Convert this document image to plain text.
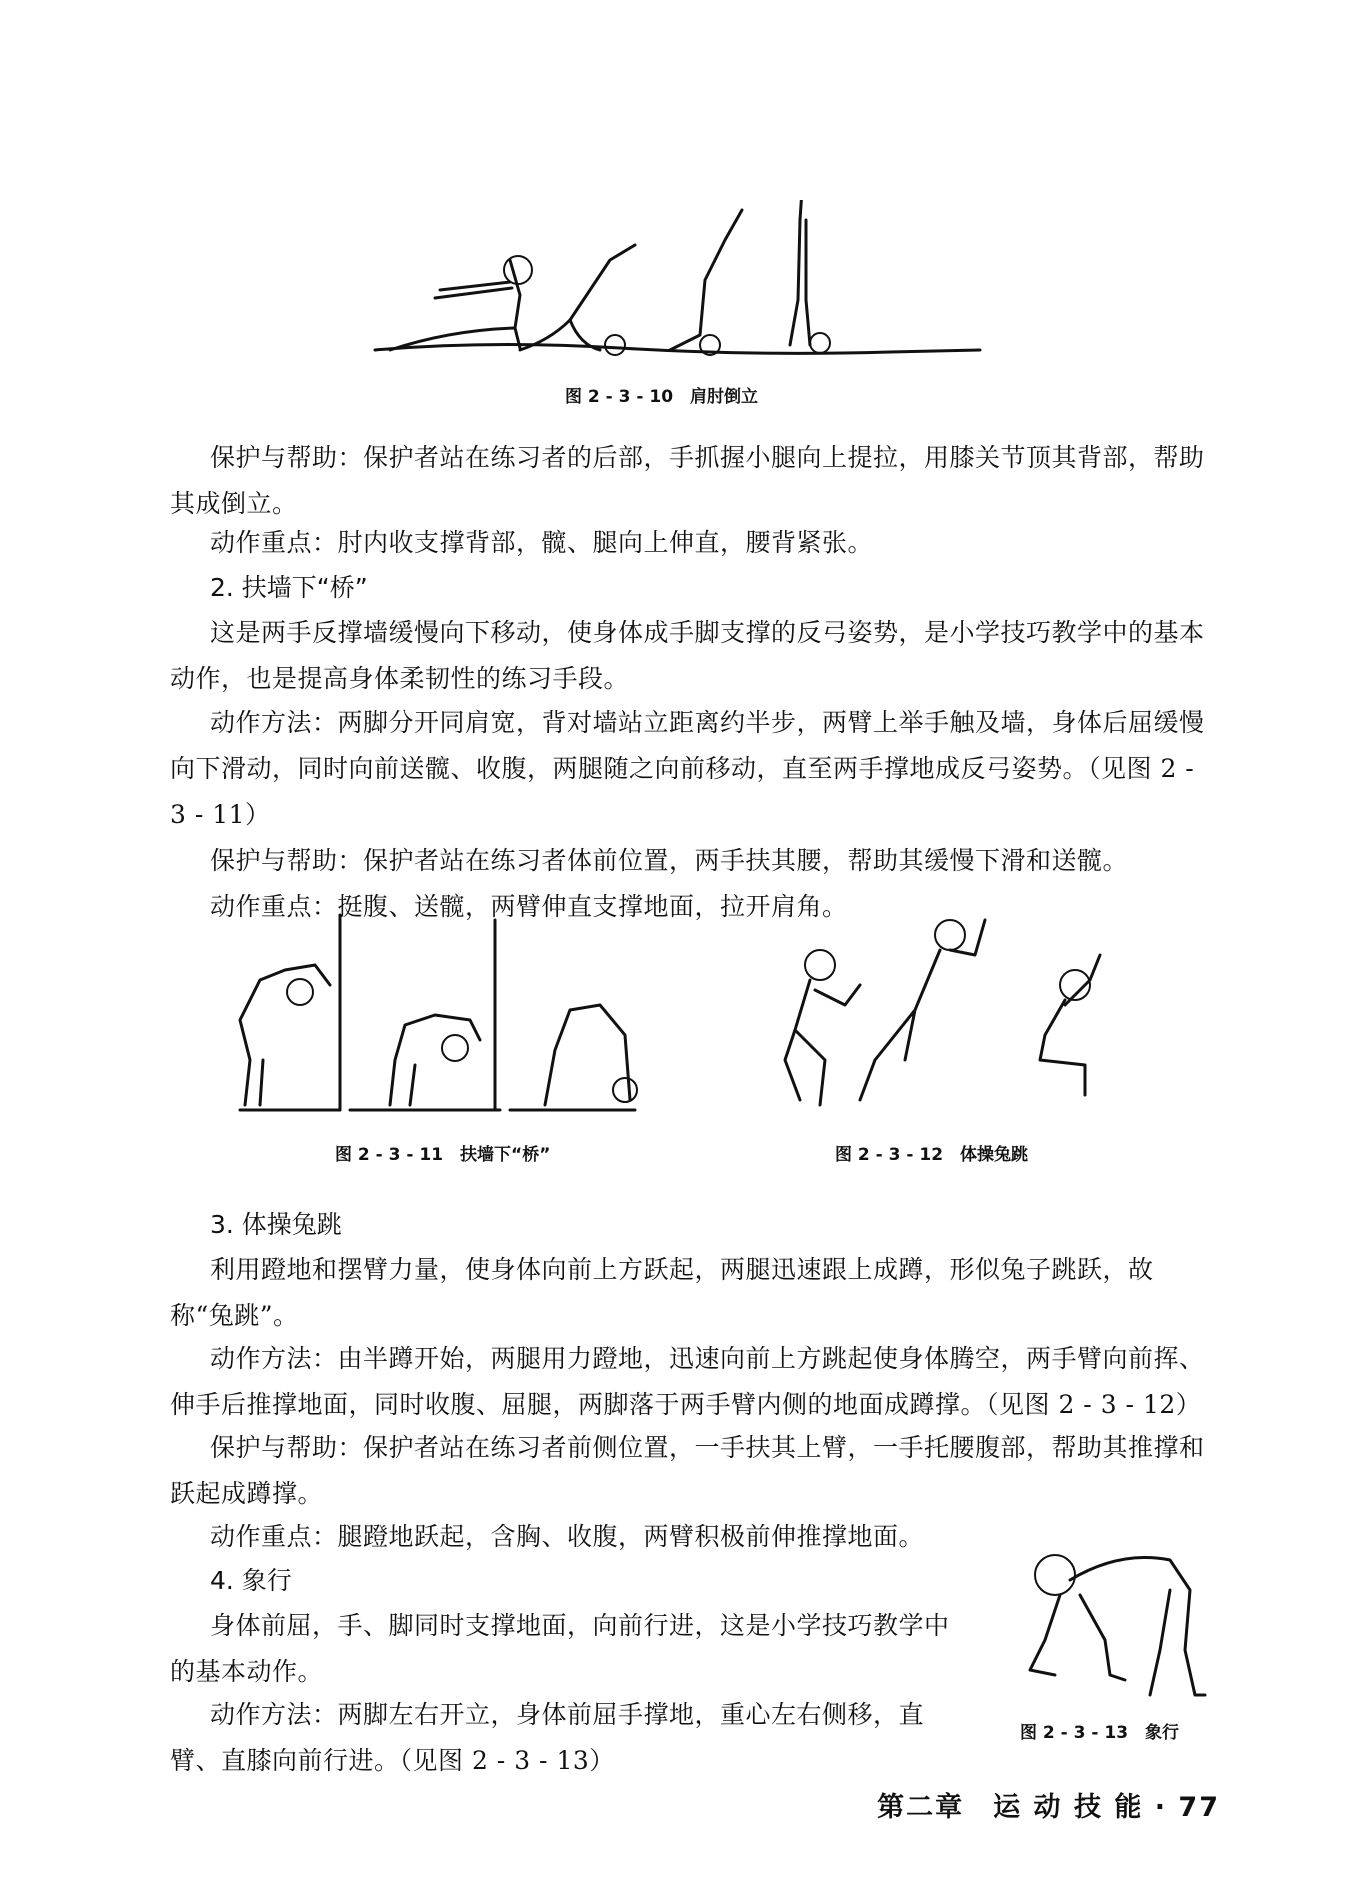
图 2 - 3 - 10　肩肘倒立

保护与帮助：保护者站在练习者的后部，手抓握小腿向上提拉，用膝关节顶其背部，帮助其成倒立。

动作重点：肘内收支撑背部，髋、腿向上伸直，腰背紧张。

2. 扶墙下“桥”

这是两手反撑墙缓慢向下移动，使身体成手脚支撑的反弓姿势，是小学技巧教学中的基本动作，也是提高身体柔韧性的练习手段。

动作方法：两脚分开同肩宽，背对墙站立距离约半步，两臂上举手触及墙，身体后屈缓慢向下滑动，同时向前送髋、收腹，两腿随之向前移动，直至两手撑地成反弓姿势。（见图 2 - 3 - 11）

保护与帮助：保护者站在练习者体前位置，两手扶其腰，帮助其缓慢下滑和送髋。

动作重点：挺腹、送髋，两臂伸直支撑地面，拉开肩角。

图 2 - 3 - 11　扶墙下“桥”	图 2 - 3 - 12　体操兔跳

3. 体操兔跳

利用蹬地和摆臂力量，使身体向前上方跃起，两腿迅速跟上成蹲，形似兔子跳跃，故称“兔跳”。

动作方法：由半蹲开始，两腿用力蹬地，迅速向前上方跳起使身体腾空，两手臂向前挥、伸手后推撑地面，同时收腹、屈腿，两脚落于两手臂内侧的地面成蹲撑。（见图 2 - 3 - 12）

保护与帮助：保护者站在练习者前侧位置，一手扶其上臂，一手托腰腹部，帮助其推撑和跃起成蹲撑。

动作重点：腿蹬地跃起，含胸、收腹，两臂积极前伸推撑地面。

4. 象行

身体前屈，手、脚同时支撑地面，向前行进，这是小学技巧教学中的基本动作。

动作方法：两脚左右开立，身体前屈手撑地，重心左右侧移，直臂、直膝向前行进。（见图 2 - 3 - 13）

图 2 - 3 - 13　象行
第二章　运 动 技 能 · 77
